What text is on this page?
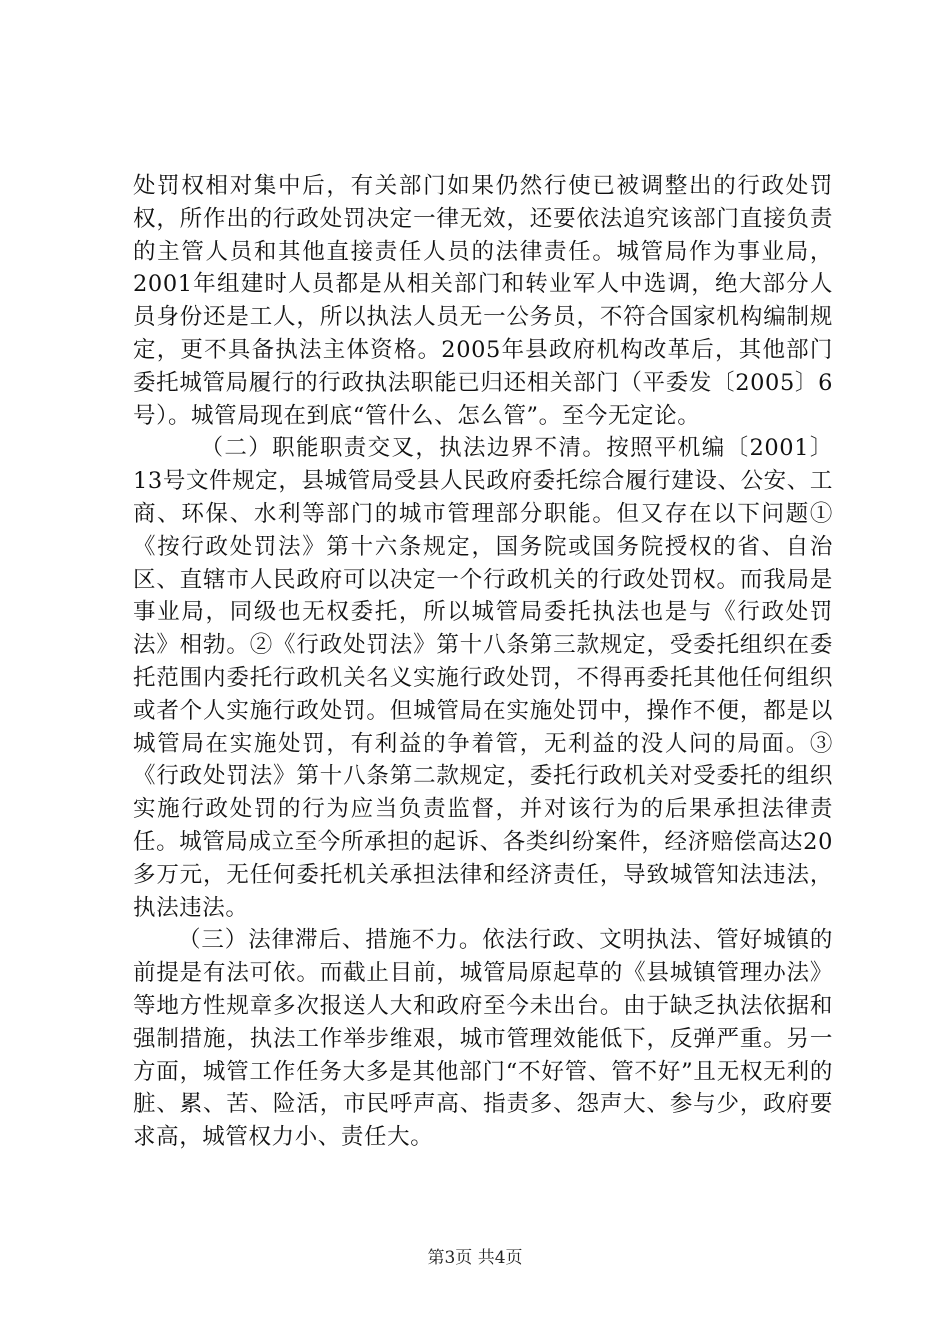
处罚权相对集中后，有关部门如果仍然行使已被调整出的行政处罚权，所作出的行政处罚决定一律无效，还要依法追究该部门直接负责的主管人员和其他直接责任人员的法律责任。城管局作为事业局，2001年组建时人员都是从相关部门和转业军人中选调，绝大部分人员身份还是工人，所以执法人员无一公务员，不符合国家机构编制规定，更不具备执法主体资格。2005年县政府机构改革后，其他部门委托城管局履行的行政执法职能已归还相关部门（平委发〔2005〕6号）。城管局现在到底“管什么、怎么管”。至今无定论。

（二）职能职责交叉，执法边界不清。按照平机编〔2001〕13号文件规定，县城管局受县人民政府委托综合履行建设、公安、工商、环保、水利等部门的城市管理部分职能。但又存在以下问题①《按行政处罚法》第十六条规定，国务院或国务院授权的省、自治区、直辖市人民政府可以决定一个行政机关的行政处罚权。而我局是事业局，同级也无权委托，所以城管局委托执法也是与《行政处罚法》相勃。②《行政处罚法》第十八条第三款规定，受委托组织在委托范围内委托行政机关名义实施行政处罚，不得再委托其他任何组织或者个人实施行政处罚。但城管局在实施处罚中，操作不便，都是以城管局在实施处罚，有利益的争着管，无利益的没人问的局面。③《行政处罚法》第十八条第二款规定，委托行政机关对受委托的组织实施行政处罚的行为应当负责监督，并对该行为的后果承担法律责任。城管局成立至今所承担的起诉、各类纠纷案件，经济赔偿高达20多万元，无任何委托机关承担法律和经济责任，导致城管知法违法，执法违法。

（三）法律滞后、措施不力。依法行政、文明执法、管好城镇的前提是有法可依。而截止目前，城管局原起草的《县城镇管理办法》等地方性规章多次报送人大和政府至今未出台。由于缺乏执法依据和强制措施，执法工作举步维艰，城市管理效能低下，反弹严重。另一方面，城管工作任务大多是其他部门“不好管、管不好”且无权无利的脏、累、苦、险活，市民呼声高、指责多、怨声大、参与少，政府要求高，城管权力小、责任大。

第3页 共4页
